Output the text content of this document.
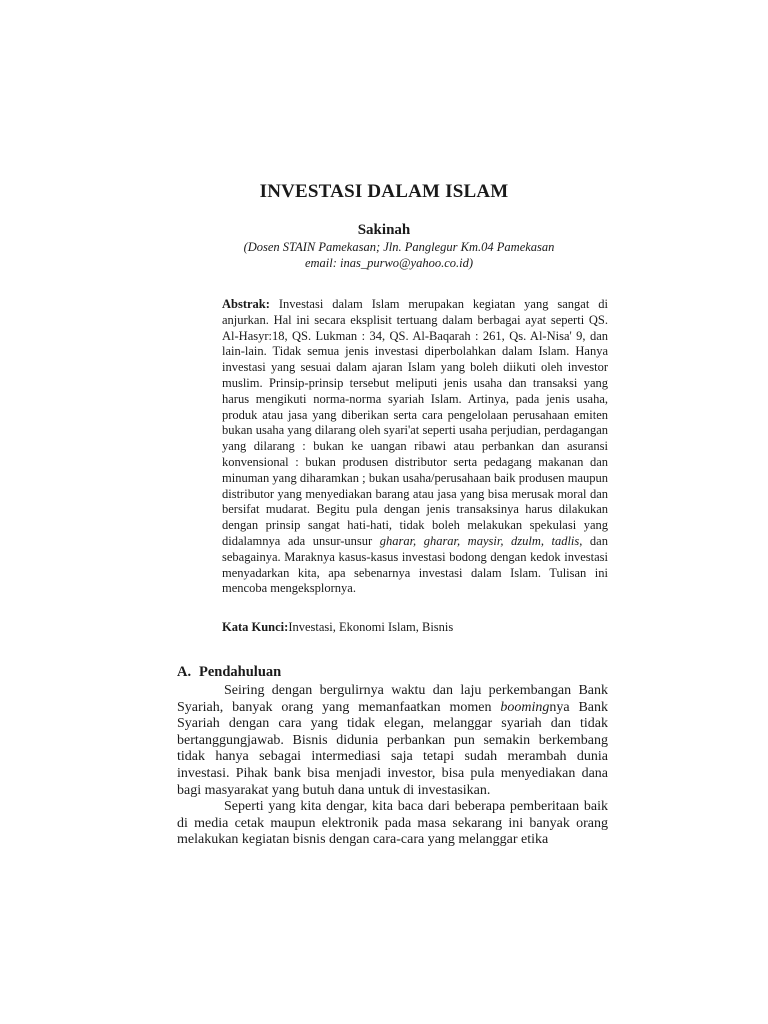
INVESTASI DALAM ISLAM
Sakinah
(Dosen STAIN Pamekasan; Jln. Panglegur Km.04 Pamekasan
email: inas_purwo@yahoo.co.id)
Abstrak: Investasi dalam Islam merupakan kegiatan yang sangat di anjurkan. Hal ini secara eksplisit tertuang dalam berbagai ayat seperti QS. Al-Hasyr:18, QS. Lukman : 34, QS. Al-Baqarah : 261, Qs. Al-Nisa' 9, dan lain-lain. Tidak semua jenis investasi diperbolahkan dalam Islam. Hanya investasi yang sesuai dalam ajaran Islam yang boleh diikuti oleh investor muslim. Prinsip-prinsip tersebut meliputi jenis usaha dan transaksi yang harus mengikuti norma-norma syariah Islam. Artinya, pada jenis usaha, produk atau jasa yang diberikan serta cara pengelolaan perusahaan emiten bukan usaha yang dilarang oleh syari'at seperti usaha perjudian, perdagangan yang dilarang : bukan ke uangan ribawi atau perbankan dan asuransi konvensional : bukan produsen distributor serta pedagang makanan dan minuman yang diharamkan ; bukan usaha/perusahaan baik produsen maupun distributor yang menyediakan barang atau jasa yang bisa merusak moral dan bersifat mudarat. Begitu pula dengan jenis transaksinya harus dilakukan dengan prinsip sangat hati-hati, tidak boleh melakukan spekulasi yang didalamnya ada unsur-unsur gharar, gharar, maysir, dzulm, tadlis, dan sebagainya. Maraknya kasus-kasus investasi bodong dengan kedok investasi menyadarkan kita, apa sebenarnya investasi dalam Islam. Tulisan ini mencoba mengeksplornya.
Kata Kunci:Investasi, Ekonomi Islam, Bisnis
A. Pendahuluan

Seiring dengan bergulirnya waktu dan laju perkembangan Bank Syariah, banyak orang yang memanfaatkan momen boomingnya Bank Syariah dengan cara yang tidak elegan, melanggar syariah dan tidak bertanggungjawab. Bisnis didunia perbankan pun semakin berkembang tidak hanya sebagai intermediasi saja tetapi sudah merambah dunia investasi. Pihak bank bisa menjadi investor, bisa pula menyediakan dana bagi masyarakat yang butuh dana untuk di investasikan.

Seperti yang kita dengar, kita baca dari beberapa pemberitaan baik di media cetak maupun elektronik pada masa sekarang ini banyak orang melakukan kegiatan bisnis dengan cara-cara yang melanggar etika
